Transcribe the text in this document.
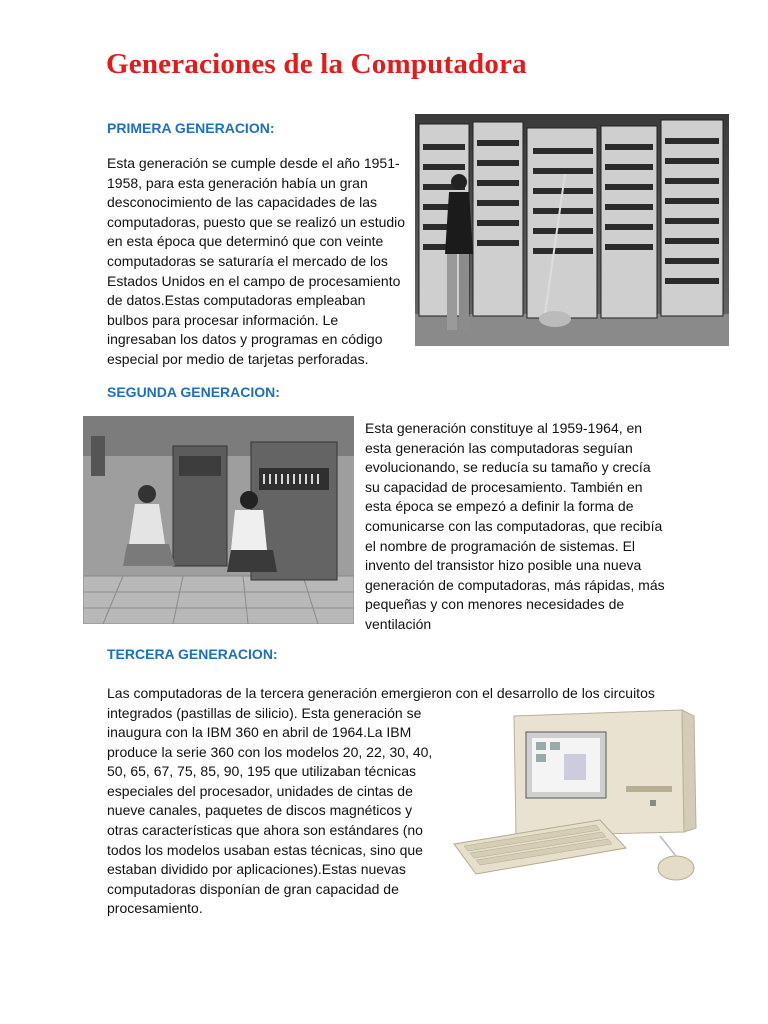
Generaciones de la Computadora
PRIMERA GENERACION:

Esta generación se cumple desde el año 1951-
1958, para esta generación había un gran
desconocimiento de las capacidades de las
computadoras, puesto que se realizó un estudio
en esta época que determinó que con veinte
computadoras se saturaría el mercado de los
Estados Unidos en el campo de procesamiento
de datos.Estas computadoras empleaban
bulbos para procesar información. Le
ingresaban los datos y programas en código
especial por medio de tarjetas perforadas.

SEGUNDA GENERACION:

Esta generación constituye al 1959-1964, en
esta generación las computadoras seguían
evolucionando, se reducía su tamaño y crecía
su capacidad de procesamiento. También en
esta época se empezó a definir la forma de
comunicarse con las computadoras, que recibía
el nombre de programación de sistemas. El
invento del transistor hizo posible una nueva
generación de computadoras, más rápidas, más
pequeñas y con menores necesidades de
ventilación

TERCERA GENERACION:

Las computadoras de la tercera generación emergieron con el desarrollo de los circuitos
integrados (pastillas de silicio). Esta generación se

inaugura con la IBM 360 en abril de 1964.La IBM
produce la serie 360 con los modelos 20, 22, 30, 40,
50, 65, 67, 75, 85, 90, 195 que utilizaban técnicas
especiales del procesador, unidades de cintas de
nueve canales, paquetes de discos magnéticos y
otras características que ahora son estándares (no
todos los modelos usaban estas técnicas, sino que
estaban dividido por aplicaciones).Estas nuevas
computadoras disponían de gran capacidad de
procesamiento.
